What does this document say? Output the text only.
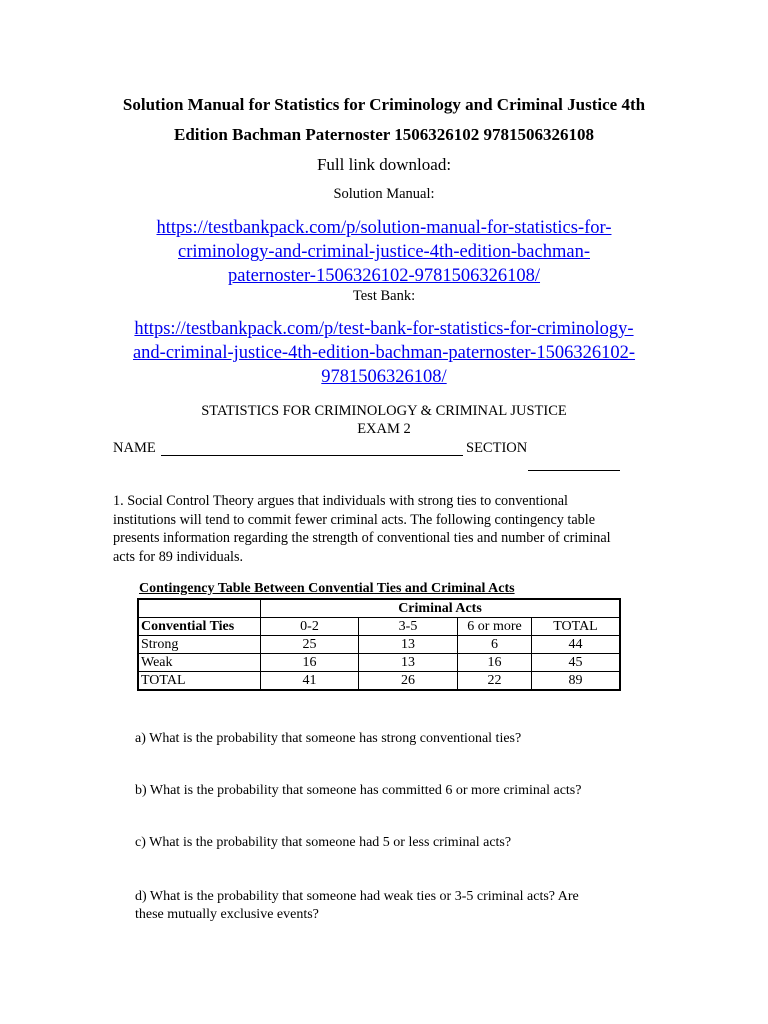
Solution Manual for Statistics for Criminology and Criminal Justice 4th
Edition Bachman Paternoster 1506326102 9781506326108
Full link download:
Solution Manual:
https://testbankpack.com/p/solution-manual-for-statistics-for-
criminology-and-criminal-justice-4th-edition-bachman-
paternoster-1506326102-9781506326108/
Test Bank:
https://testbankpack.com/p/test-bank-for-statistics-for-criminology-
and-criminal-justice-4th-edition-bachman-paternoster-1506326102-
9781506326108/
STATISTICS FOR CRIMINOLOGY & CRIMINAL JUSTICE
EXAM 2
NAME	SECTION
1. Social Control Theory argues that individuals with strong ties to conventional
institutions will tend to commit fewer criminal acts. The following contingency table
presents information regarding the strength of conventional ties and number of criminal
acts for 89 individuals.
Contingency Table Between Convential Ties and Criminal Acts
	Criminal Acts			
Convential Ties	0-2	3-5	6 or more	TOTAL
Strong	25	13	6	44
Weak	16	13	16	45
TOTAL	41	26	22	89
a) What is the probability that someone has strong conventional ties?
b) What is the probability that someone has committed 6 or more criminal acts?
c) What is the probability that someone had 5 or less criminal acts?
d) What is the probability that someone had weak ties or 3-5 criminal acts? Are
these mutually exclusive events?
